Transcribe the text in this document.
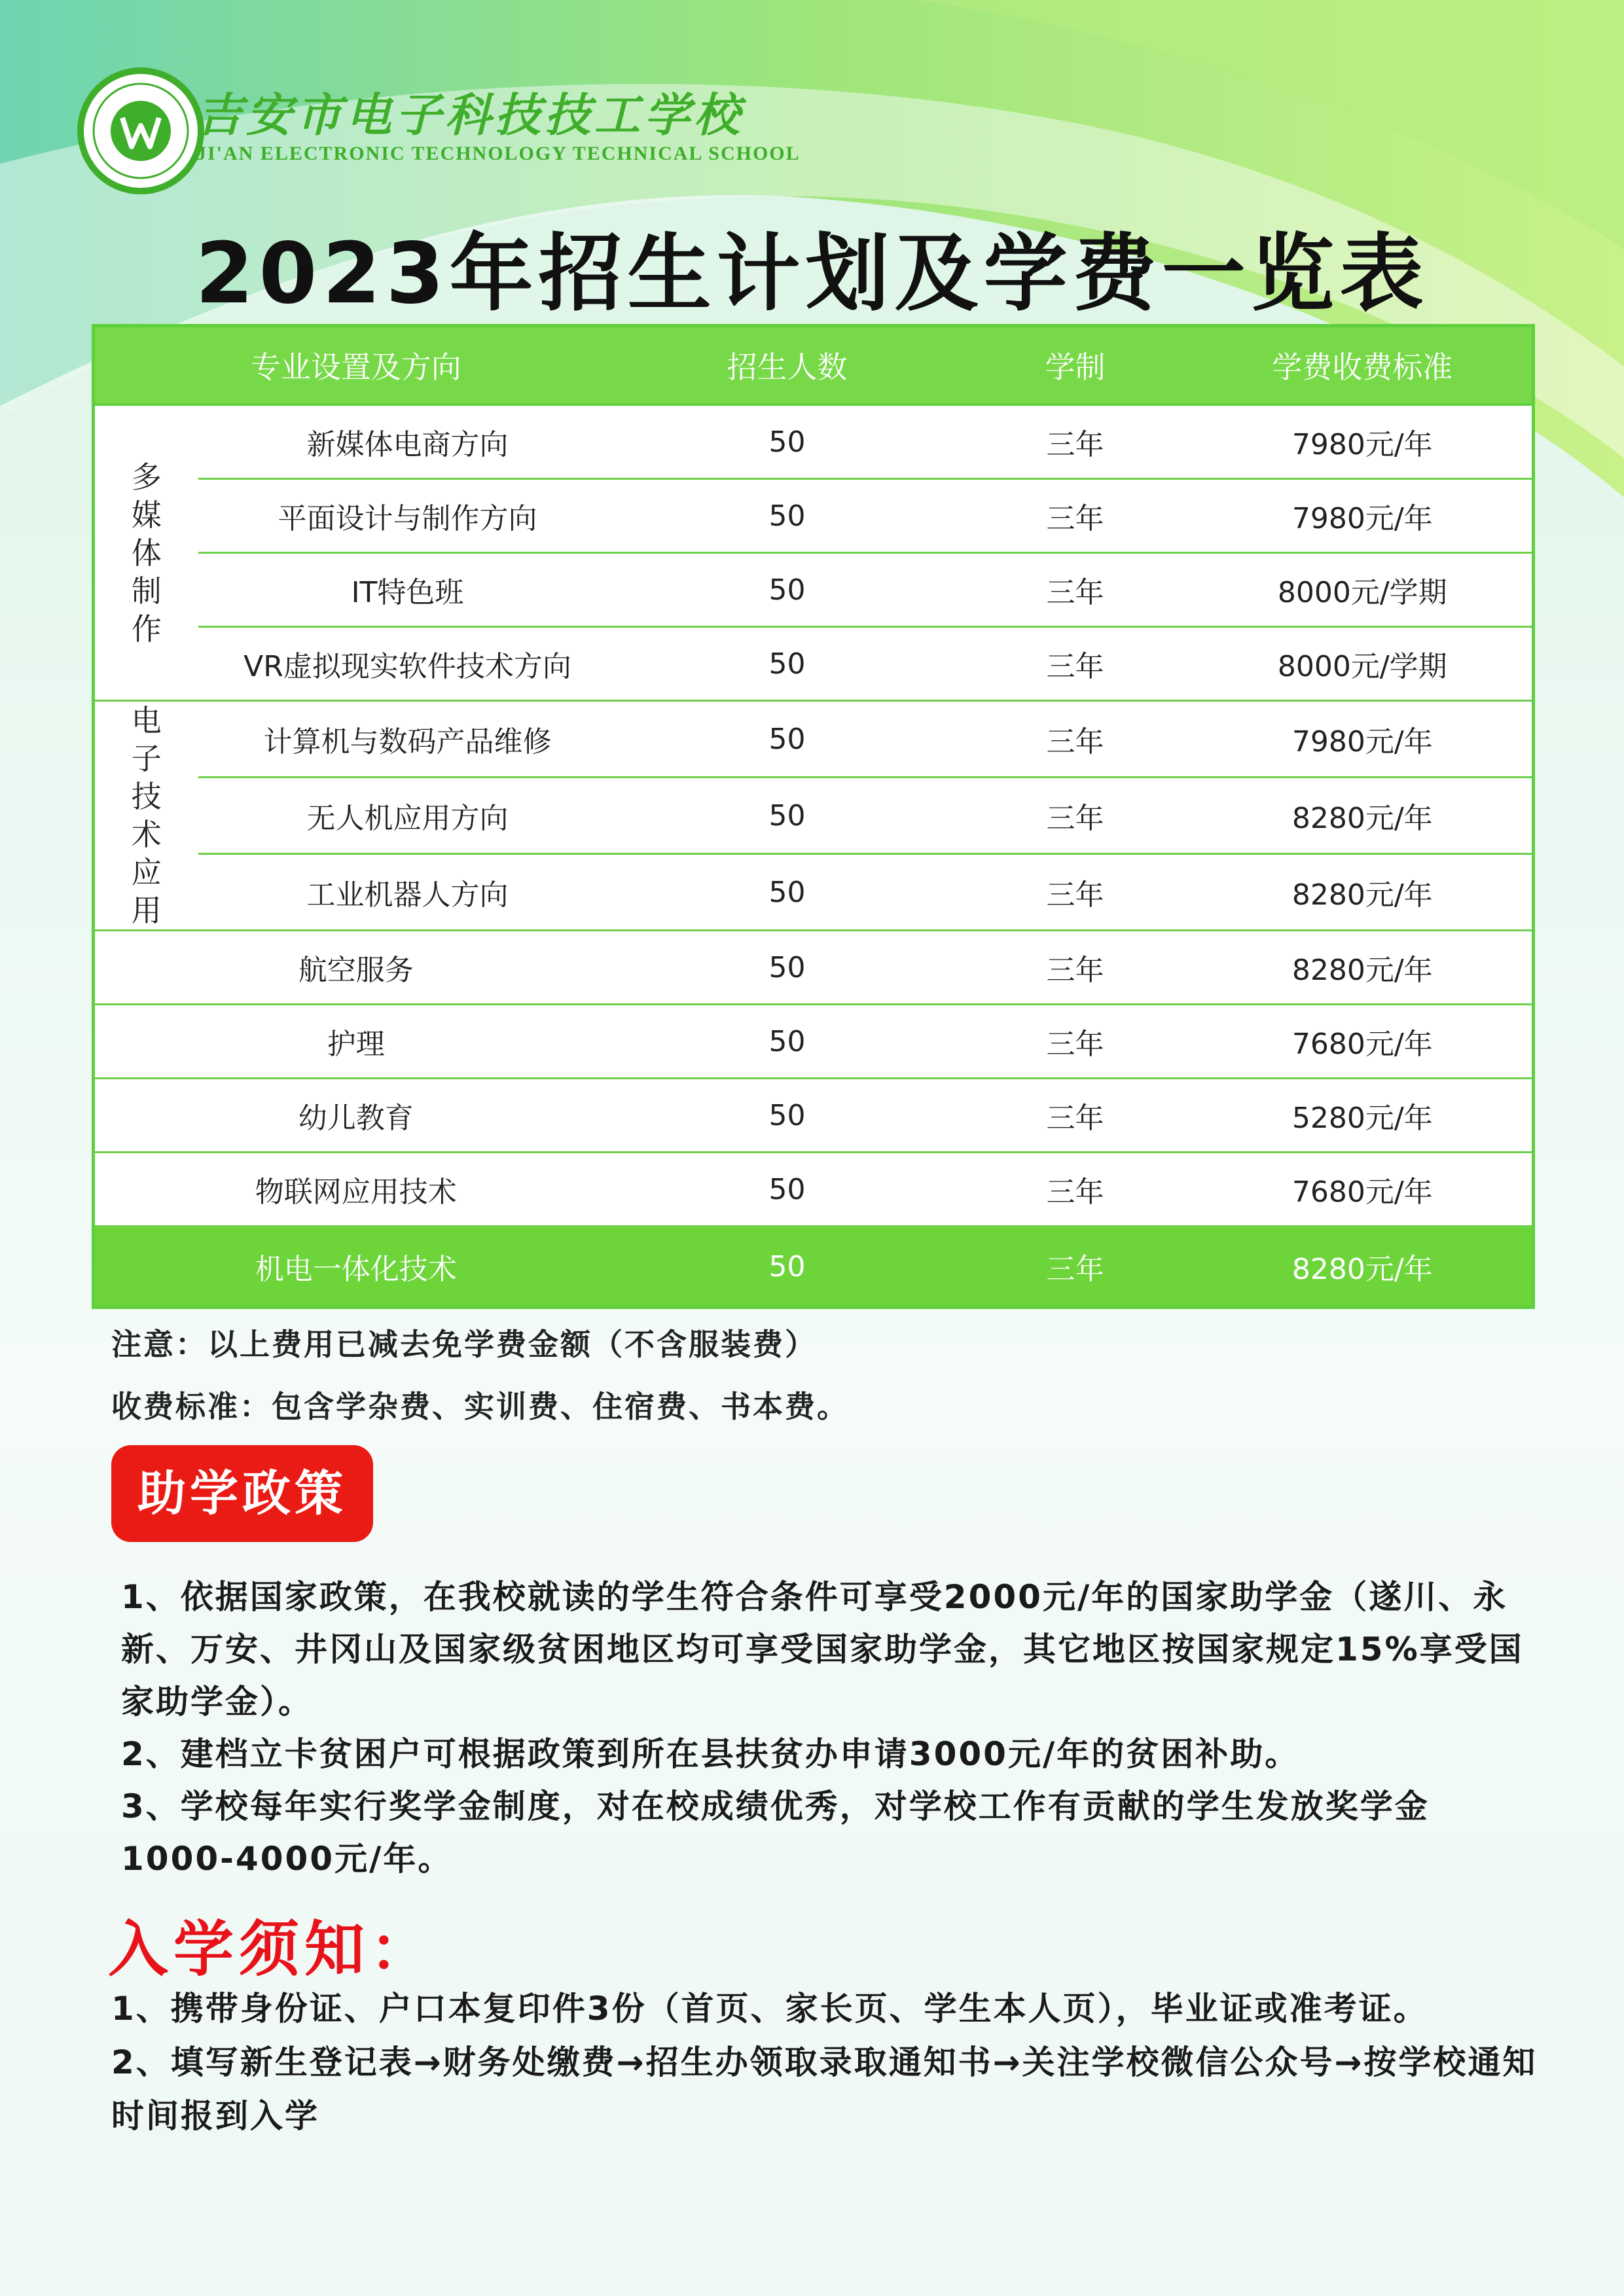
吉安市电子科技技工学校
JI'AN ELECTRONIC TECHNOLOGY TECHNICAL SCHOOL
2023年招生计划及学费一览表
专业设置及方向		招生人数	学制	学费收费标准

多媒体制作	新媒体电商方向	50	三年	7980元/年
	平面设计与制作方向	50	三年	7980元/年
	IT特色班	50	三年	8000元/学期
	VR虚拟现实软件技术方向	50	三年	8000元/学期

电子技术应用	计算机与数码产品维修	50	三年	7980元/年
	无人机应用方向	50	三年	8280元/年
	工业机器人方向	50	三年	8280元/年
航空服务		50	三年	8280元/年
护理		50	三年	7680元/年
幼儿教育		50	三年	5280元/年
物联网应用技术		50	三年	7680元/年
机电一体化技术		50	三年	8280元/年
注意：以上费用已减去免学费金额（不含服装费）
收费标准：包含学杂费、实训费、住宿费、书本费。
助学政策

1、依据国家政策，在我校就读的学生符合条件可享受2000元/年的国家助学金（遂川、永新、万安、井冈山及国家级贫困地区均可享受国家助学金，其它地区按国家规定15%享受国家助学金）。

2、建档立卡贫困户可根据政策到所在县扶贫办申请3000元/年的贫困补助。

3、学校每年实行奖学金制度，对在校成绩优秀，对学校工作有贡献的学生发放奖学金1000-4000元/年。

入学须知：

1、携带身份证、户口本复印件3份（首页、家长页、学生本人页），毕业证或准考证。

2、填写新生登记表→财务处缴费→招生办领取录取通知书→关注学校微信公众号→按学校通知时间报到入学
